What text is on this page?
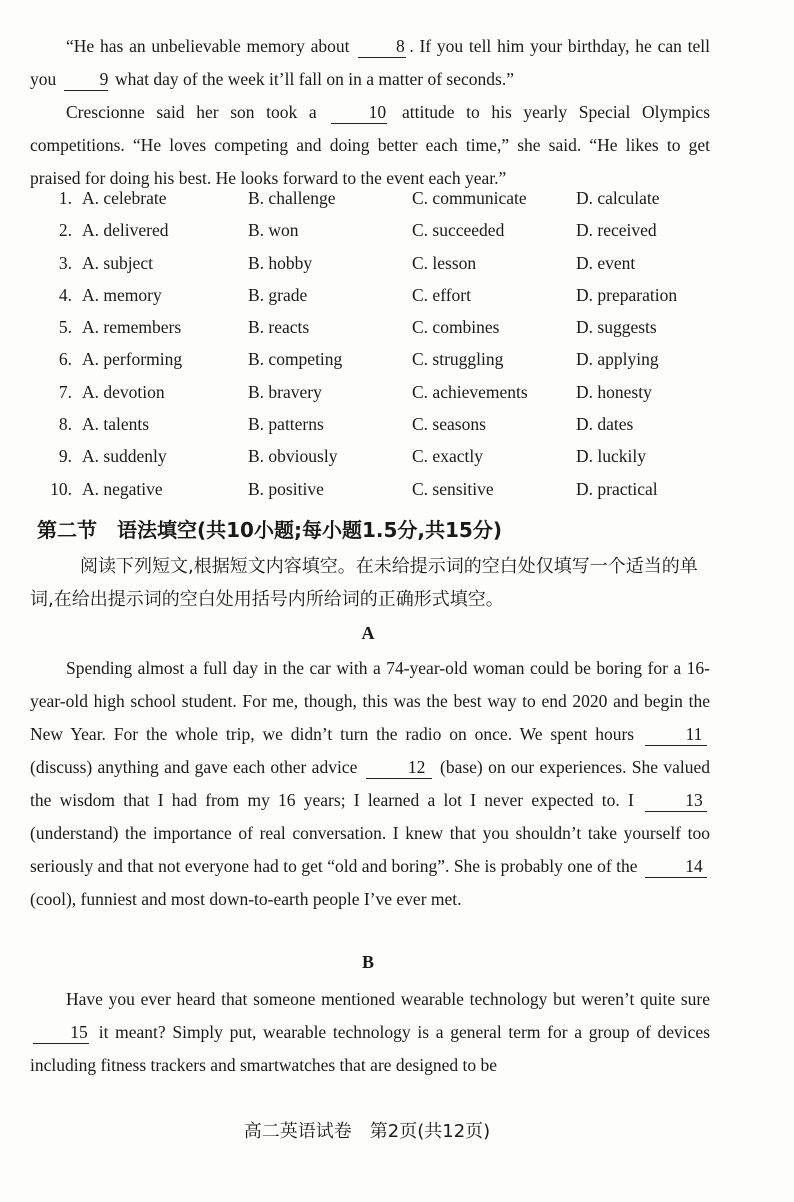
“He has an unbelievable memory about	8 . If you tell him your birthday, he can tell you 9 what day of the week it’ll fall on in a matter of seconds.”
Crescionne said her son took a	10 attitude to his yearly Special Olympics competitions. “He loves competing and doing better each time,” she said. “He likes to get praised for doing his best. He looks forward to the event each year.”
1. A. celebrate	B. challenge	C. communicate	D. calculate
2. A. delivered	B. won	C. succeeded	D. received
3. A. subject	B. hobby	C. lesson	D. event
4. A. memory	B. grade	C. effort	D. preparation
5. A. remembers	B. reacts	C. combines	D. suggests
6. A. performing	B. competing	C. struggling	D. applying
7. A. devotion	B. bravery	C. achievements	D. honesty
8. A. talents	B. patterns	C. seasons	D. dates
9. A. suddenly	B. obviously	C. exactly	D. luckily
10. A. negative	B. positive	C. sensitive	D. practical
第二节　语法填空(共10小题;每小题1.5分,共15分)
阅读下列短文,根据短文内容填空。在未给提示词的空白处仅填写一个适当的单词,在给出提示词的空白处用括号内所给词的正确形式填空。
A
Spending almost a full day in the car with a 74-year-old woman could be boring for a 16-year-old high school student. For me, though, this was the best way to end 2020 and begin the New Year. For the whole trip, we didn’t turn the radio on once. We spent hours	11 (discuss) anything and gave each other advice	12 (base) on our experiences. She valued the wisdom that I had from my 16 years; I learned a lot I never expected to. I	13 (understand) the importance of real conversation. I knew that you shouldn’t take yourself too seriously and that not everyone had to get “old and boring”. She is probably one of the	14 (cool), funniest and most down-to-earth people I’ve ever met.
B
Have you ever heard that someone mentioned wearable technology but weren’t quite sure 15 it meant? Simply put, wearable technology is a general term for a group of devices including fitness trackers and smartwatches that are designed to be
高二英语试卷　第2页(共12页)
